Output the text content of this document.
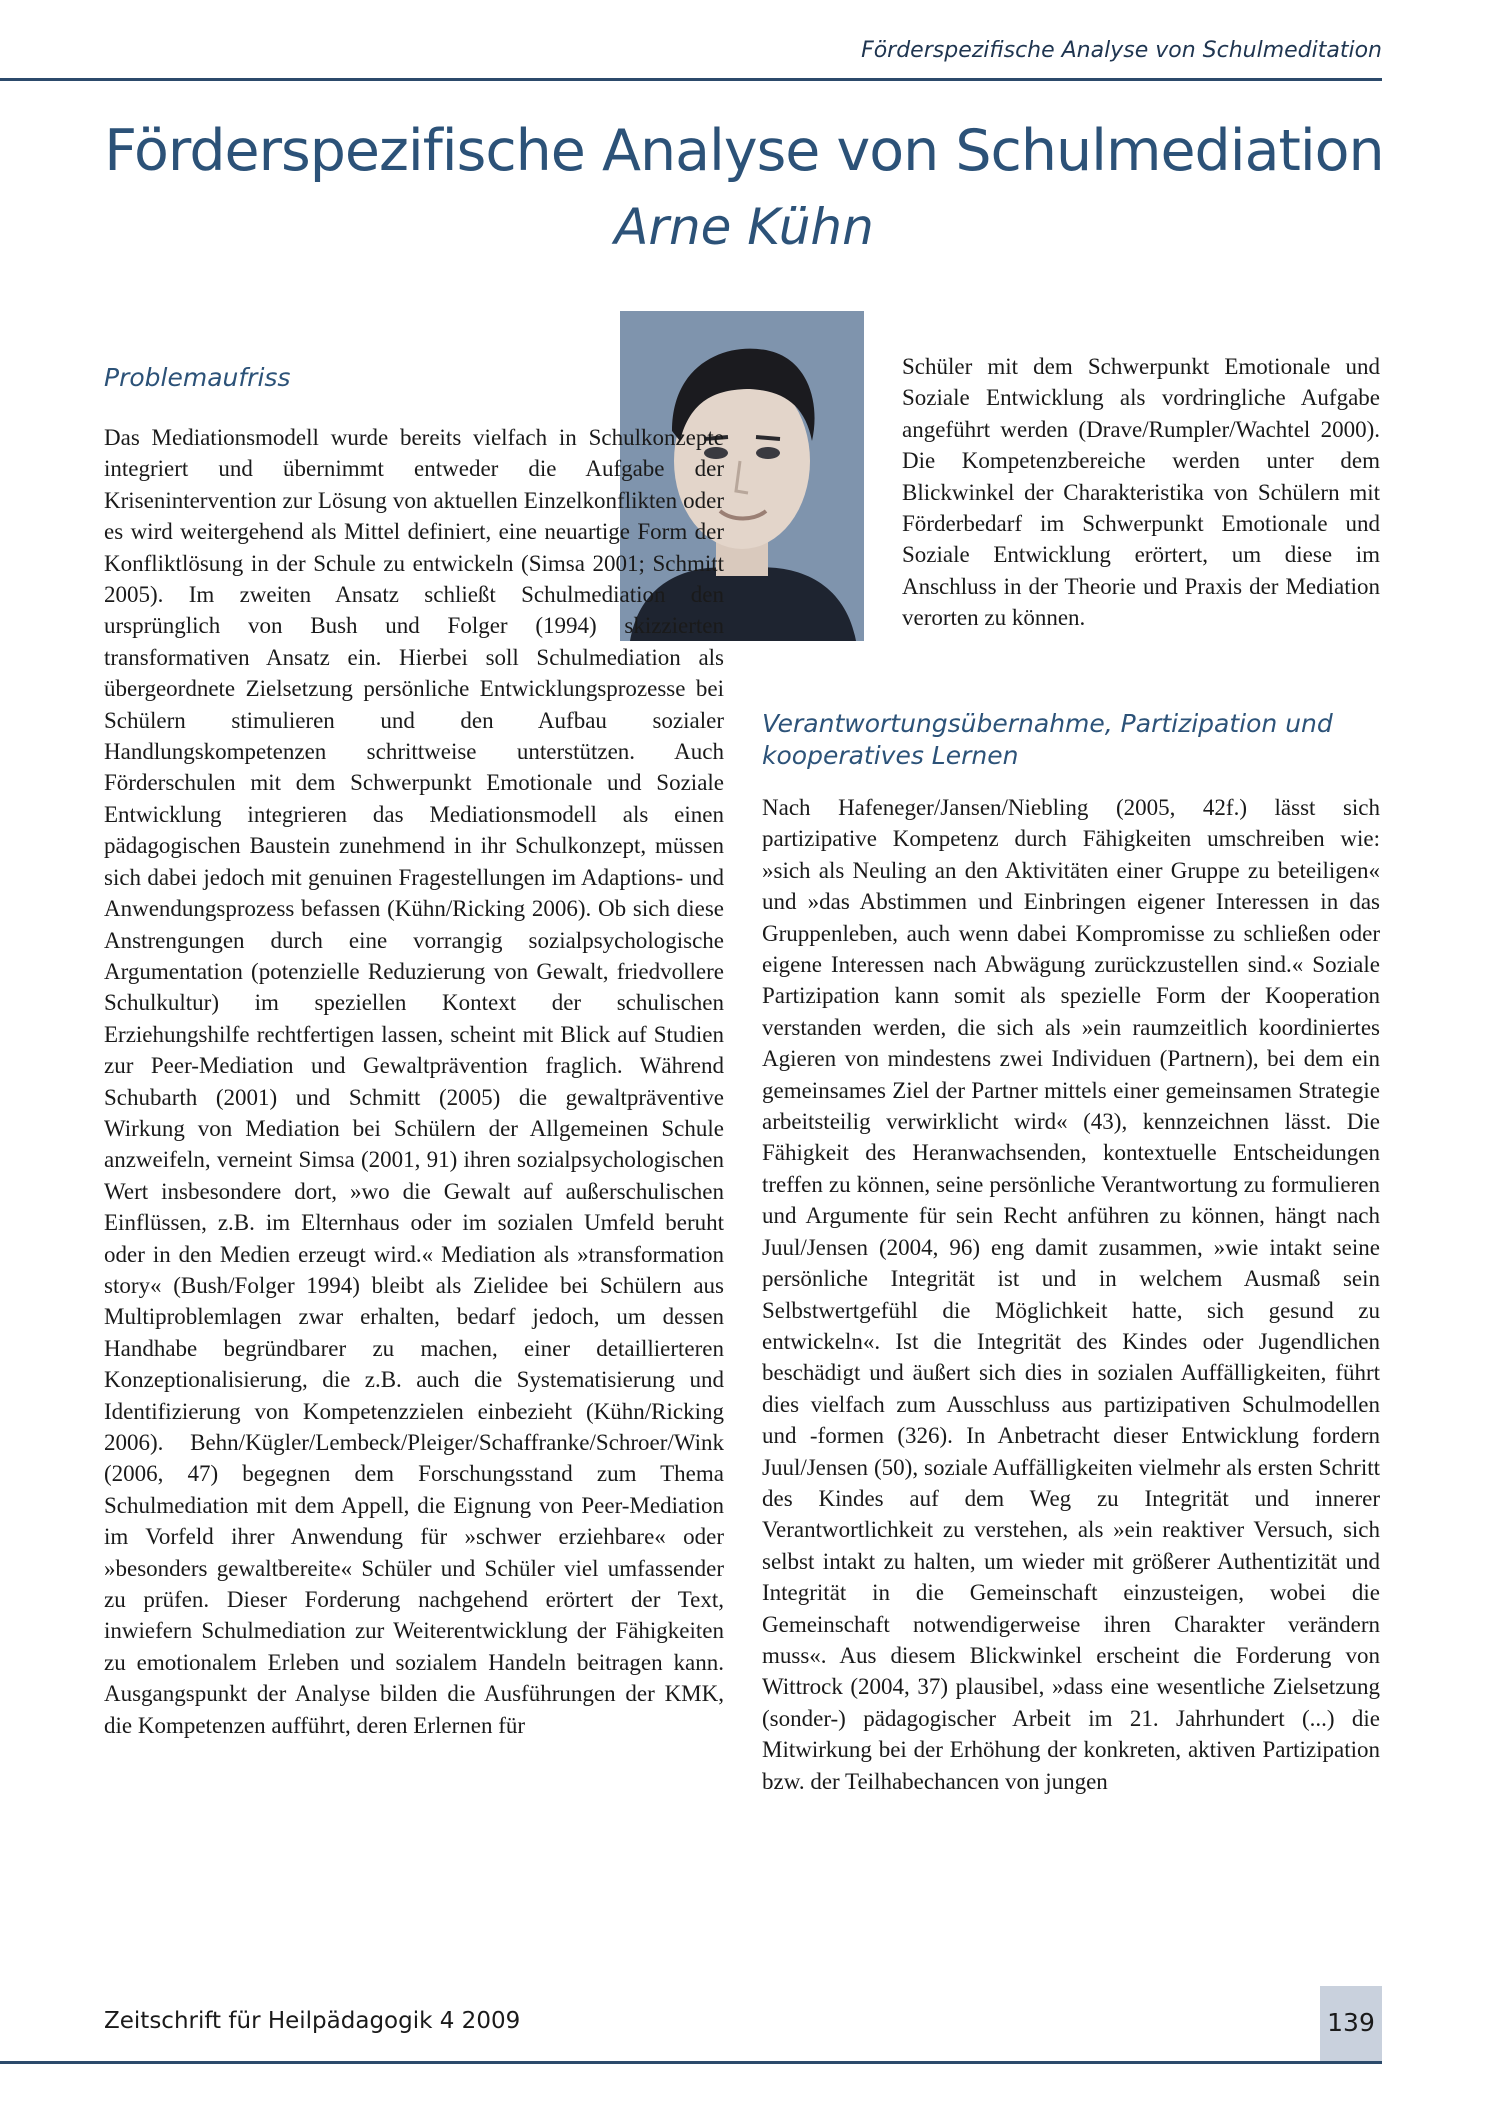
Förderspezifische Analyse von Schulmeditation
Förderspezifische Analyse von Schulmediation
Arne Kühn
Problemaufriss

Das Mediationsmodell wurde bereits vielfach in Schulkonzepte integriert und übernimmt entweder die Aufgabe der Krisenintervention zur Lösung von aktuellen Einzelkonflikten oder es wird weitergehend als Mittel definiert, eine neuartige Form der Konfliktlösung in der Schule zu entwickeln (Simsa 2001; Schmitt 2005). Im zweiten Ansatz schließt Schulmediation den ursprünglich von Bush und Folger (1994) skizzierten transformativen Ansatz ein. Hierbei soll Schulmediation als übergeordnete Zielsetzung persönliche Entwicklungsprozesse bei Schülern stimulieren und den Aufbau sozialer Handlungskompetenzen schrittweise unterstützen. Auch Förderschulen mit dem Schwerpunkt Emotionale und Soziale Entwicklung integrieren das Mediationsmodell als einen pädagogischen Baustein zunehmend in ihr Schulkonzept, müssen sich dabei jedoch mit genuinen Fragestellungen im Adaptions- und Anwendungsprozess befassen (Kühn/Ricking 2006). Ob sich diese Anstrengungen durch eine vorrangig sozialpsychologische Argumentation (potenzielle Reduzierung von Gewalt, friedvollere Schulkultur) im speziellen Kontext der schulischen Erziehungshilfe rechtfertigen lassen, scheint mit Blick auf Studien zur Peer-Mediation und Gewaltprävention fraglich. Während Schubarth (2001) und Schmitt (2005) die gewaltpräventive Wirkung von Mediation bei Schülern der Allgemeinen Schule anzweifeln, verneint Simsa (2001, 91) ihren sozialpsychologischen Wert insbesondere dort, »wo die Gewalt auf außerschulischen Einflüssen, z.B. im Elternhaus oder im sozialen Umfeld beruht oder in den Medien erzeugt wird.« Mediation als »transformation story« (Bush/Folger 1994) bleibt als Zielidee bei Schülern aus Multiproblemlagen zwar erhalten, bedarf jedoch, um dessen Handhabe begründbarer zu machen, einer detaillierteren Konzeptionalisierung, die z.B. auch die Systematisierung und Identifizierung von Kompetenzzielen einbezieht (Kühn/Ricking 2006). Behn/Kügler/Lembeck/Pleiger/Schaffranke/Schroer/Wink (2006, 47) begegnen dem Forschungsstand zum Thema Schulmediation mit dem Appell, die Eignung von Peer-Mediation im Vorfeld ihrer Anwendung für »schwer erziehbare« oder »besonders gewaltbereite« Schüler und Schüler viel umfassender zu prüfen. Dieser Forderung nachgehend erörtert der Text, inwiefern Schulmediation zur Weiterentwicklung der Fähigkeiten zu emotionalem Erleben und sozialem Handeln beitragen kann. Ausgangspunkt der Analyse bilden die Ausführungen der KMK, die Kompetenzen aufführt, deren Erlernen für

Schüler mit dem Schwerpunkt Emotionale und Soziale Entwicklung als vordringliche Aufgabe angeführt werden (Drave/Rumpler/Wachtel 2000). Die Kompetenzbereiche werden unter dem Blickwinkel der Charakteristika von Schülern mit Förderbedarf im Schwerpunkt Emotionale und Soziale Entwicklung erörtert, um diese im Anschluss in der Theorie und Praxis der Mediation verorten zu können.

Verantwortungsübernahme, Partizipation und kooperatives Lernen

Nach Hafeneger/Jansen/Niebling (2005, 42f.) lässt sich partizipative Kompetenz durch Fähigkeiten umschreiben wie: »sich als Neuling an den Aktivitäten einer Gruppe zu beteiligen« und »das Abstimmen und Einbringen eigener Interessen in das Gruppenleben, auch wenn dabei Kompromisse zu schließen oder eigene Interessen nach Abwägung zurückzustellen sind.« Soziale Partizipation kann somit als spezielle Form der Kooperation verstanden werden, die sich als »ein raumzeitlich koordiniertes Agieren von mindestens zwei Individuen (Partnern), bei dem ein gemeinsames Ziel der Partner mittels einer gemeinsamen Strategie arbeitsteilig verwirklicht wird« (43), kennzeichnen lässt. Die Fähigkeit des Heranwachsenden, kontextuelle Entscheidungen treffen zu können, seine persönliche Verantwortung zu formulieren und Argumente für sein Recht anführen zu können, hängt nach Juul/Jensen (2004, 96) eng damit zusammen, »wie intakt seine persönliche Integrität ist und in welchem Ausmaß sein Selbstwertgefühl die Möglichkeit hatte, sich gesund zu entwickeln«. Ist die Integrität des Kindes oder Jugendlichen beschädigt und äußert sich dies in sozialen Auffälligkeiten, führt dies vielfach zum Ausschluss aus partizipativen Schulmodellen und -formen (326). In Anbetracht dieser Entwicklung fordern Juul/Jensen (50), soziale Auffälligkeiten vielmehr als ersten Schritt des Kindes auf dem Weg zu Integrität und innerer Verantwortlichkeit zu verstehen, als »ein reaktiver Versuch, sich selbst intakt zu halten, um wieder mit größerer Authentizität und Integrität in die Gemeinschaft einzusteigen, wobei die Gemeinschaft notwendigerweise ihren Charakter verändern muss«. Aus diesem Blickwinkel erscheint die Forderung von Wittrock (2004, 37) plausibel, »dass eine wesentliche Zielsetzung (sonder-) pädagogischer Arbeit im 21. Jahrhundert (...) die Mitwirkung bei der Erhöhung der konkreten, aktiven Partizipation bzw. der Teilhabechancen von jungen

Zeitschrift für Heilpädagogik 4 2009	139
